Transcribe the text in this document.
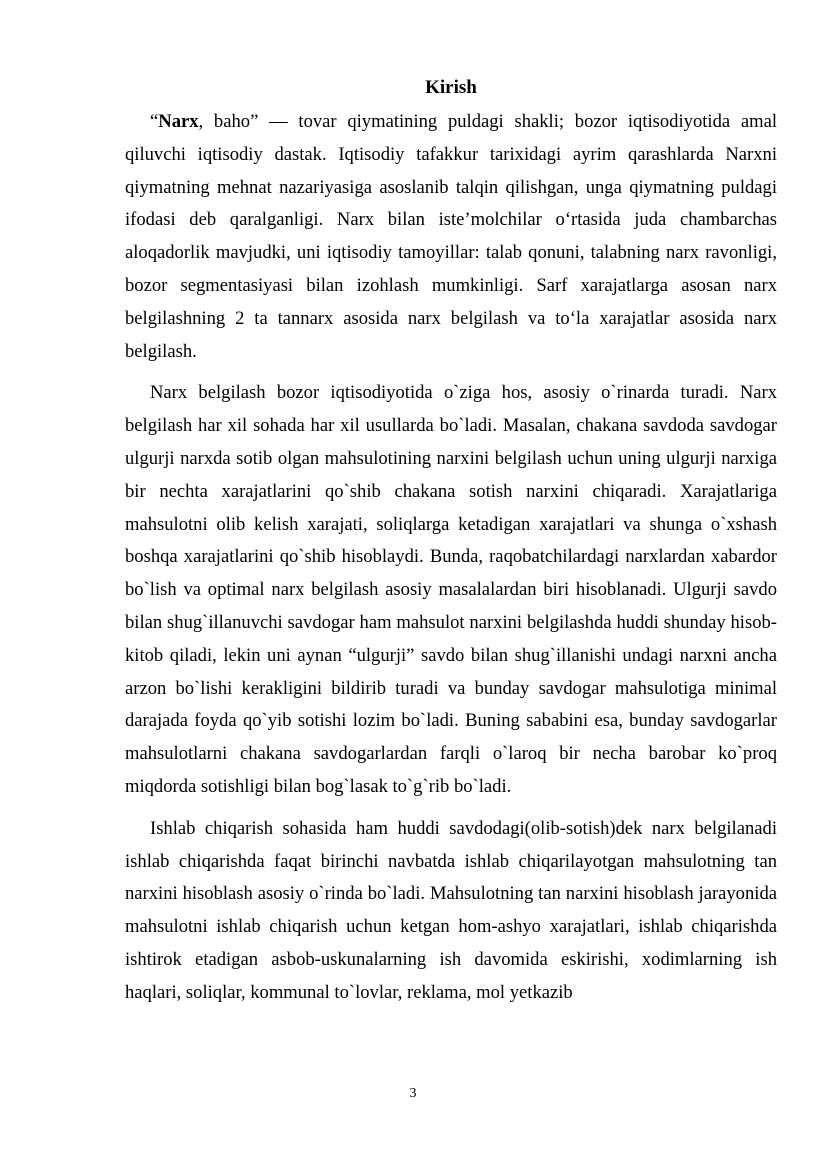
Kirish

“Narx, baho” — tovar qiymatining puldagi shakli; bozor iqtisodiyotida amal qiluvchi iqtisodiy dastak. Iqtisodiy tafakkur tarixidagi ayrim qarashlarda Narxni qiymatning mehnat nazariyasiga asoslanib talqin qilishgan, unga qiymatning puldagi ifodasi deb qaralganligi. Narx bilan iste’molchilar o‘rtasida juda chambarchas aloqadorlik mavjudki, uni iqtisodiy tamoyillar: talab qonuni, talabning narx ravonligi, bozor segmentasiyasi bilan izohlash mumkinligi. Sarf xarajatlarga asosan narx belgilashning 2 ta tannarx asosida narx belgilash va to‘la xarajatlar asosida narx belgilash.

Narx belgilash bozor iqtisodiyotida o`ziga hos, asosiy o`rinarda turadi. Narx belgilash har xil sohada har xil usullarda bo`ladi. Masalan, chakana savdoda savdogar ulgurji narxda sotib olgan mahsulotining narxini belgilash uchun uning ulgurji narxiga bir nechta xarajatlarini qo`shib chakana sotish narxini chiqaradi. Xarajatlariga mahsulotni olib kelish xarajati, soliqlarga ketadigan xarajatlari va shunga o`xshash boshqa xarajatlarini qo`shib hisoblaydi. Bunda, raqobatchilardagi narxlardan xabardor bo`lish va optimal narx belgilash asosiy masalalardan biri hisoblanadi. Ulgurji savdo bilan shug`illanuvchi savdogar ham mahsulot narxini belgilashda huddi shunday hisob-kitob qiladi, lekin uni aynan “ulgurji” savdo bilan shug`illanishi undagi narxni ancha arzon bo`lishi kerakligini bildirib turadi va bunday savdogar mahsulotiga minimal darajada foyda qo`yib sotishi lozim bo`ladi. Buning sababini esa, bunday savdogarlar mahsulotlarni chakana savdogarlardan farqli o`laroq bir necha barobar ko`proq miqdorda sotishligi bilan bog`lasak to`g`rib bo`ladi.

Ishlab chiqarish sohasida ham huddi savdodagi(olib-sotish)dek narx belgilanadi ishlab chiqarishda faqat birinchi navbatda ishlab chiqarilayotgan mahsulotning tan narxini hisoblash asosiy o`rinda bo`ladi. Mahsulotning tan narxini hisoblash jarayonida mahsulotni ishlab chiqarish uchun ketgan hom-ashyo xarajatlari, ishlab chiqarishda ishtirok etadigan asbob-uskunalarning ish davomida eskirishi, xodimlarning ish haqlari, soliqlar, kommunal to`lovlar, reklama, mol yetkazib

3
